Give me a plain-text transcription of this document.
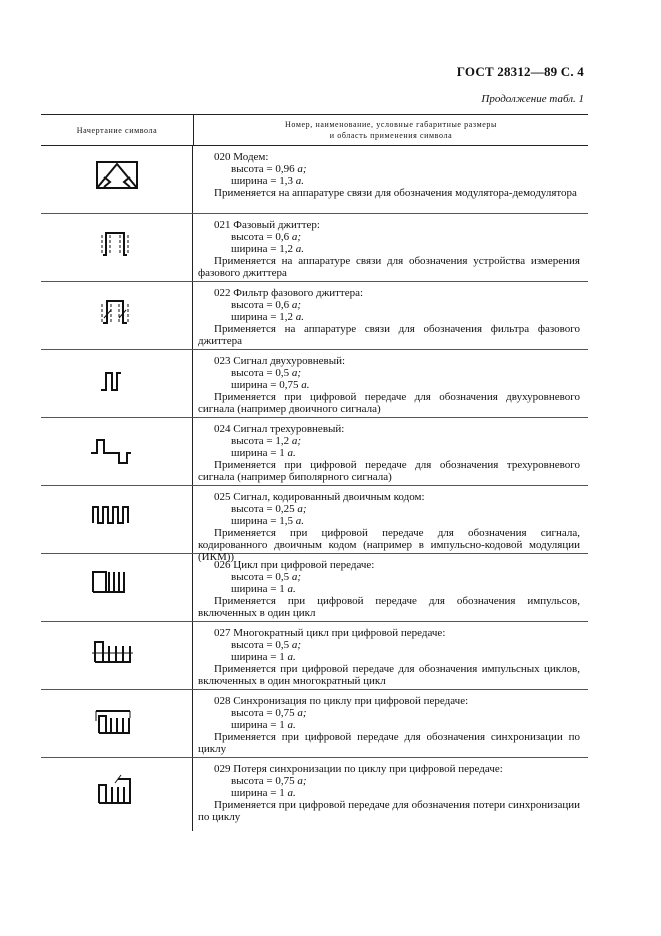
ГОСТ 28312—89 С. 4
Продолжение табл. 1
Начертание символа
Номер, наименование, условные габаритные размеры
и область применения символа
020 Модем:
высота = 0,96 a;
ширина = 1,3 a.
Применяется на аппаратуре связи для обозначения модулятора-демодулятора
021 Фазовый джиттер:
высота = 0,6 a;
ширина = 1,2 a.
Применяется на аппаратуре связи для обозначения устройства измерения фазового джиттера
022 Фильтр фазового джиттера:
высота = 0,6 a;
ширина = 1,2 a.
Применяется на аппаратуре связи для обозначения фильтра фазового джиттера
023 Сигнал двухуровневый:
высота = 0,5 a;
ширина = 0,75 a.
Применяется при цифровой передаче для обозначения двухуровневого сигнала (например двоичного сигнала)
024 Сигнал трехуровневый:
высота = 1,2 a;
ширина = 1 a.
Применяется при цифровой передаче для обозначения трехуровневого сигнала (например биполярного сигнала)
025 Сигнал, кодированный двоичным кодом:
высота = 0,25 a;
ширина = 1,5 a.
Применяется при цифровой передаче для обозначения сигнала, кодированного двоичным кодом (например в импульсно-кодовой модуляции (ИКМ))
026 Цикл при цифровой передаче:
высота = 0,5 a;
ширина = 1 a.
Применяется при цифровой передаче для обозначения импульсов, включенных в один цикл
027 Многократный цикл при цифровой передаче:
высота = 0,5 a;
ширина = 1 a.
Применяется при цифровой передаче для обозначения импульсных циклов, включенных в один многократный цикл
028 Синхронизация по циклу при цифровой передаче:
высота = 0,75 a;
ширина = 1 a.
Применяется при цифровой передаче для обозначения синхронизации по циклу
029 Потеря синхронизации по циклу при цифровой передаче:
высота = 0,75 a;
ширина = 1 a.
Применяется при цифровой передаче для обозначения потери синхронизации по циклу
